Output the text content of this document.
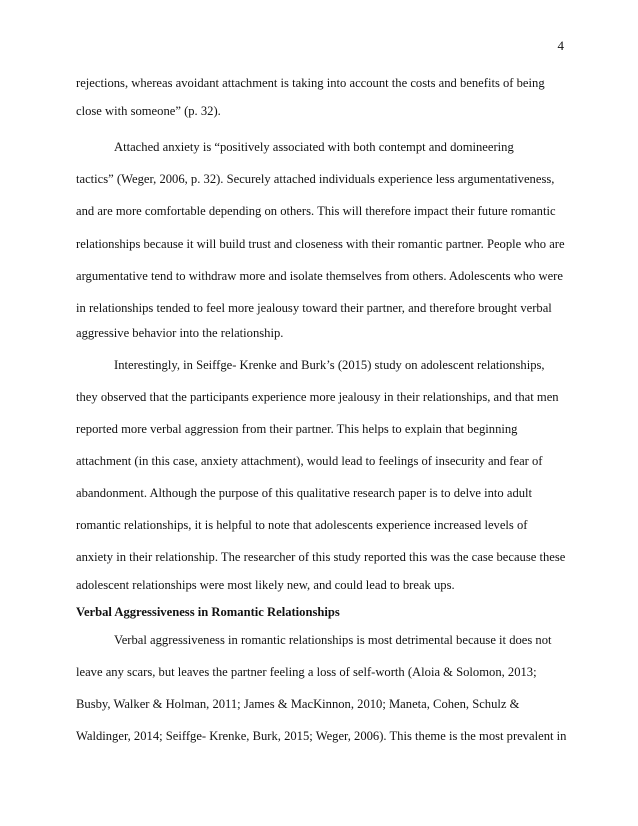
4
rejections, whereas avoidant attachment is taking into account the costs and benefits of being
close with someone” (p. 32).
Attached anxiety is “positively associated with both contempt and domineering
tactics” (Weger, 2006, p. 32). Securely attached individuals experience less argumentativeness,
and are more comfortable depending on others. This will therefore impact their future romantic
relationships because it will build trust and closeness with their romantic partner. People who are
argumentative tend to withdraw more and isolate themselves from others. Adolescents who were
in relationships tended to feel more jealousy toward their partner, and therefore brought verbal
aggressive behavior into the relationship.
Interestingly, in Seiffge- Krenke and Burk’s (2015) study on adolescent relationships,
they observed that the participants experience more jealousy in their relationships, and that men
reported more verbal aggression from their partner. This helps to explain that beginning
attachment (in this case, anxiety attachment), would lead to feelings of insecurity and fear of
abandonment. Although the purpose of this qualitative research paper is to delve into adult
romantic relationships, it is helpful to note that adolescents experience increased levels of
anxiety in their relationship. The researcher of this study reported this was the case because these
adolescent relationships were most likely new, and could lead to break ups.
Verbal Aggressiveness in Romantic Relationships
Verbal aggressiveness in romantic relationships is most detrimental because it does not
leave any scars, but leaves the partner feeling a loss of self-worth (Aloia & Solomon, 2013;
Busby, Walker & Holman, 2011; James & MacKinnon, 2010; Maneta, Cohen, Schulz &
Waldinger, 2014; Seiffge- Krenke, Burk, 2015; Weger, 2006). This theme is the most prevalent in
